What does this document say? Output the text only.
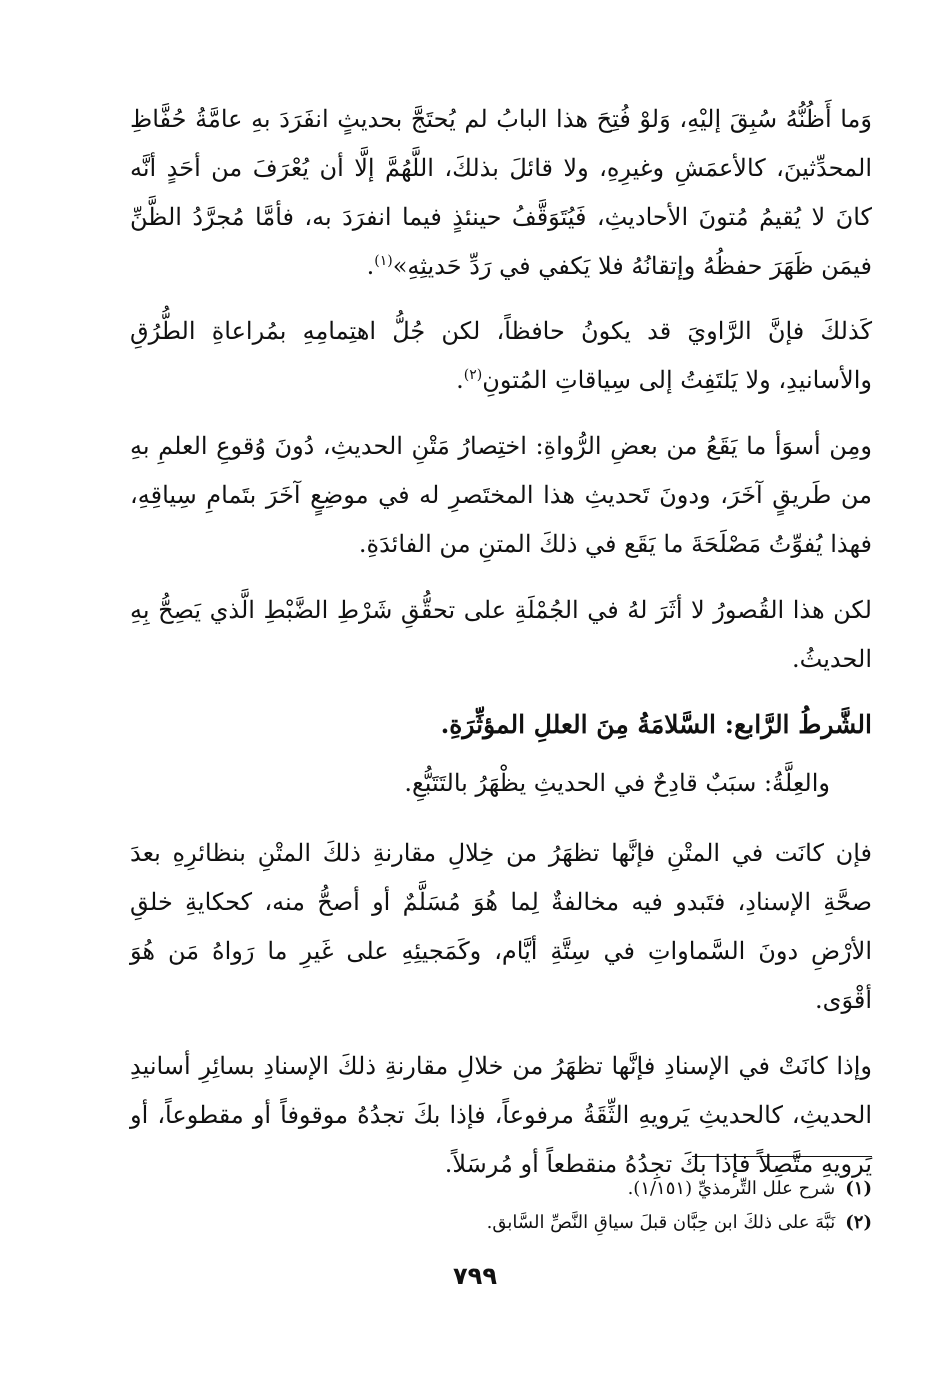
وَما أَظُنُّهُ سُبِقَ إليْهِ، وَلوْ فُتِحَ هذا البابُ لم يُحتَجَّ بحديثٍ انفَرَدَ بهِ عامَّةُ حُفَّاظِ المحدِّثينَ، كالأعمَشِ وغيرِهِ، ولا قائلَ بذلكَ، اللَّهُمَّ إلَّا أن يُعْرَفَ من أحَدٍ أنَّه كانَ لا يُقيمُ مُتونَ الأحاديثِ، فَيُتَوَقَّفُ حينئذٍ فيما انفرَدَ به، فأمَّا مُجرَّدُ الظَّنِّ فيمَن ظَهَرَ حفظُهُ وإتقانُهُ فلا يَكفي في رَدِّ حَديثِهِ»$^{(١)}$.

كَذلكَ فإنَّ الرَّاويَ قد يكونُ حافظاً، لكن جُلُّ اهتِمامِهِ بمُراعاةِ الطُّرُقِ والأسانيدِ، ولا يَلتَفِتُ إلى سِياقاتِ المُتونِ$^{(٢)}$.

ومِن أسوَأ ما يَقَعُ من بعضِ الرُّواةِ: اختِصارُ مَتْنِ الحديثِ، دُونَ وُقوعِ العلمِ بهِ من طَريقٍ آخَرَ، ودونَ تَحديثِ هذا المختَصرِ له في موضِعٍ آخَرَ بتَمامِ سِياقِهِ، فهذا يُفوِّتُ مَصْلَحَةَ ما يَقَع في ذلكَ المتنِ من الفائدَةِ.

لكن هذا القُصورُ لا أثَرَ لهُ في الجُمْلَةِ على تحقُّقِ شَرْطِ الضَّبْطِ الَّذي يَصِحُّ بِهِ الحديثُ.

الشَّرطُ الرَّابع: السَّلامَةُ مِنَ العللِ المؤثِّرَةِ.

والعِلَّةُ: سبَبٌ قادِحٌ في الحديثِ يظْهَرُ بالتَتَبُّعِ.

فإن كانَت في المتْنِ فإنَّها تظهَرُ من خِلالِ مقارنةِ ذلكَ المتْنِ بنظائرِهِ بعدَ صحَّةِ الإسنادِ، فتَبدو فيه مخالفةٌ لِما هُوَ مُسَلَّمٌ أو أصحُّ منه، كحكايةِ خلقِ الأرْضِ دونَ السَّماواتِ في سِتَّةِ أيَّام، وكَمَجيئِهِ على غَيرِ ما رَواهُ مَن هُوَ أقْوَى.

وإذا كانَتْ في الإسنادِ فإنَّها تظهَرُ من خلالِ مقارنةِ ذلكَ الإسنادِ بسائِرِ أسانيدِ الحديثِ، كالحديثِ يَرويهِ الثِّقَةُ مرفوعاً، فإذا بكَ تجدُهُ موقوفاً أو مقطوعاً، أو يَرويهِ متَّصِلاً فإذا بكَ تجِدُهُ منقطعاً أو مُرسَلاً.

(١)شرح علل التِّرمذيِّ (١/١٥١).

(٢)نَبَّهَ على ذلكَ ابن حِبَّان قبلَ سياقِ النَّصِّ السَّابق.

٧٩٩
